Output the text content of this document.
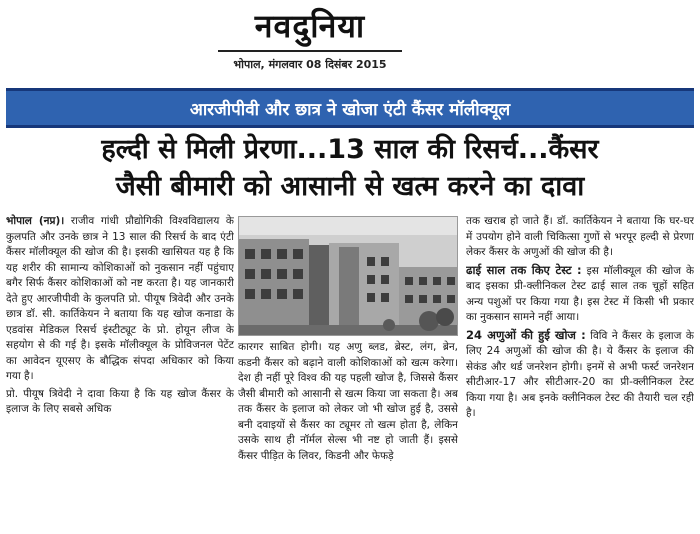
नवदुनिया
भोपाल, मंगलवार 08 दिसंबर 2015
आरजीपीवी और छात्र ने खोजा एंटी कैंसर मॉलीक्यूल
हल्दी से मिली प्रेरणा...13 साल की रिसर्च...कैंसर
जैसी बीमारी को आसानी से खत्म करने का दावा

भोपाल (नप्र)। राजीव गांधी प्रौद्योगिकी विश्वविद्यालय के कुलपति और उनके छात्र ने 13 साल की रिसर्च के बाद एंटी कैंसर मॉलीक्यूल की खोज की है। इसकी खासियत यह है कि यह शरीर की सामान्य कोशिकाओं को नुकसान नहीं पहुंचाए बगैर सिर्फ कैंसर कोशिकाओं को नष्ट करता है। यह जानकारी देते हुए आरजीपीवी के कुलपति प्रो. पीयूष त्रिवेदी और उनके छात्र डॉ. सी. कार्तिकेयन ने बताया कि यह खोज कनाडा के एडवांस मेडिकल रिसर्च इंस्टीट्यूट के प्रो. होयून लीज के सहयोग से की गई है। इसके मॉलीक्यूल के प्रोविजनल पेटेंट का आवेदन यूएसए के बौद्धिक संपदा अधिकार को किया गया है।

प्रो. पीयूष त्रिवेदी ने दावा किया है कि यह खोज कैंसर के इलाज के लिए सबसे अधिक

कारगर साबित होगी। यह अणु ब्लड, ब्रेस्ट, लंग, ब्रेन, कडनी कैंसर को बढ़ाने वाली कोशिकाओं को खत्म करेगा। देश ही नहीं पूरे विश्व की यह पहली खोज है, जिससे कैंसर जैसी बीमारी को आसानी से खत्म किया जा सकता है। अब तक कैंसर के इलाज को लेकर जो भी खोज हुई है, उससे बनी दवाइयों से कैंसर का ट्यूमर तो खत्म होता है, लेकिन उसके साथ ही नॉर्मल सेल्स भी नष्ट हो जाती हैं। इससे कैंसर पीड़ित के लिवर, किडनी और फेफड़े

तक खराब हो जाते हैं। डॉ. कार्तिकेयन ने बताया कि घर-घर में उपयोग होने वाली चिकित्सा गुणों से भरपूर हल्दी से प्रेरणा लेकर कैंसर के अणुओं की खोज की है।

ढाई साल तक किए टेस्ट : इस मॉलीक्यूल की खोज के बाद इसका प्री-क्लीनिकल टेस्ट ढाई साल तक चूहों सहित अन्य पशुओं पर किया गया है। इस टेस्ट में किसी भी प्रकार का नुकसान सामने नहीं आया।

24 अणुओं की हुई खोज : विवि ने कैंसर के इलाज के लिए 24 अणुओं की खोज की है। ये कैंसर के इलाज की सेकंड और थर्ड जनरेशन होगी। इनमें से अभी फर्स्ट जनरेशन सीटीआर-17 और सीटीआर-20 का प्री-क्लीनिकल टेस्ट किया गया है। अब इनके क्लीनिकल टेस्ट की तैयारी चल रही है।
